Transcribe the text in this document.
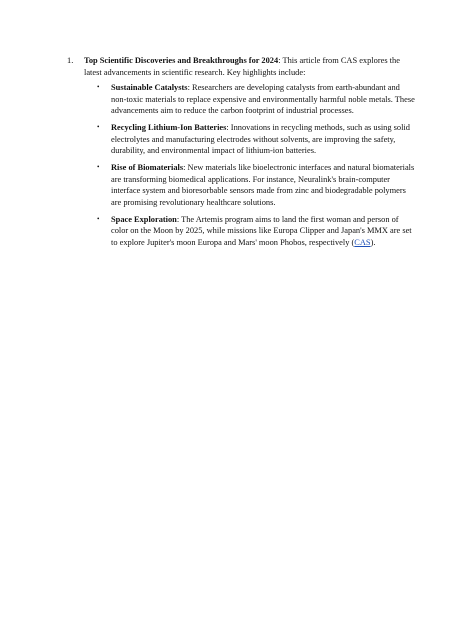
1. Top Scientific Discoveries and Breakthroughs for 2024: This article from CAS explores the latest advancements in scientific research. Key highlights include:

• Sustainable Catalysts: Researchers are developing catalysts from earth-abundant and non-toxic materials to replace expensive and environmentally harmful noble metals. These advancements aim to reduce the carbon footprint of industrial processes.
• Recycling Lithium-Ion Batteries: Innovations in recycling methods, such as using solid electrolytes and manufacturing electrodes without solvents, are improving the safety, durability, and environmental impact of lithium-ion batteries.
• Rise of Biomaterials: New materials like bioelectronic interfaces and natural biomaterials are transforming biomedical applications. For instance, Neuralink's brain-computer interface system and bioresorbable sensors made from zinc and biodegradable polymers are promising revolutionary healthcare solutions.
• Space Exploration: The Artemis program aims to land the first woman and person of color on the Moon by 2025, while missions like Europa Clipper and Japan's MMX are set to explore Jupiter's moon Europa and Mars' moon Phobos, respectively (CAS).
